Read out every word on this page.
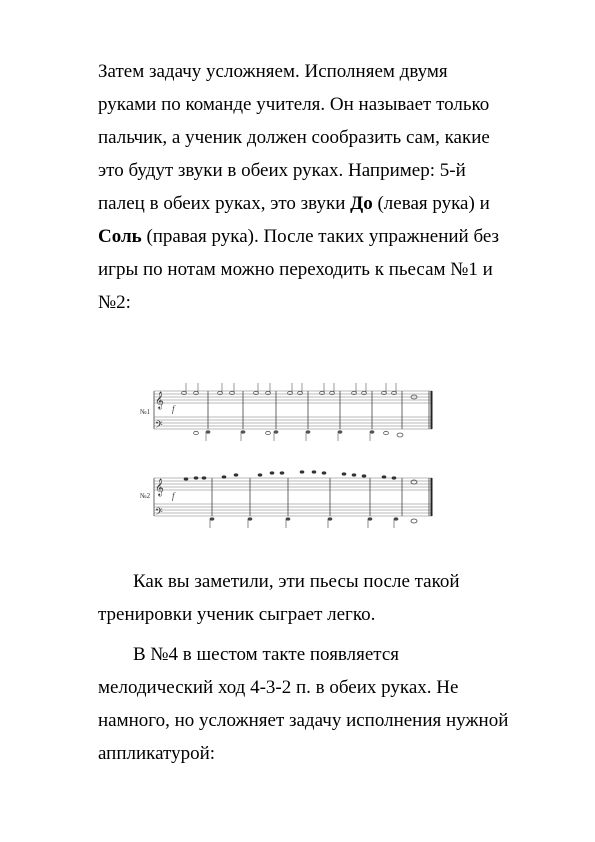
Затем задачу усложняем. Исполняем двумя
руками по команде учителя. Он называет только
пальчик, а ученик должен сообразить сам, какие
это будут звуки в обеих руках. Например: 5-й
палец в обеих руках, это звуки До (левая рука) и
Соль (правая рука). После таких упражнений без
игры по нотам можно переходить к пьесам №1 и
№2:
№1
𝄞
𝄢
f
№2 𝄞
𝄢
f
Как вы заметили, эти пьесы после такой
тренировки ученик сыграет легко.
В №4 в шестом такте появляется
мелодический ход 4-3-2 п. в обеих руках. Не
намного, но усложняет задачу исполнения нужной
аппликатурой:
